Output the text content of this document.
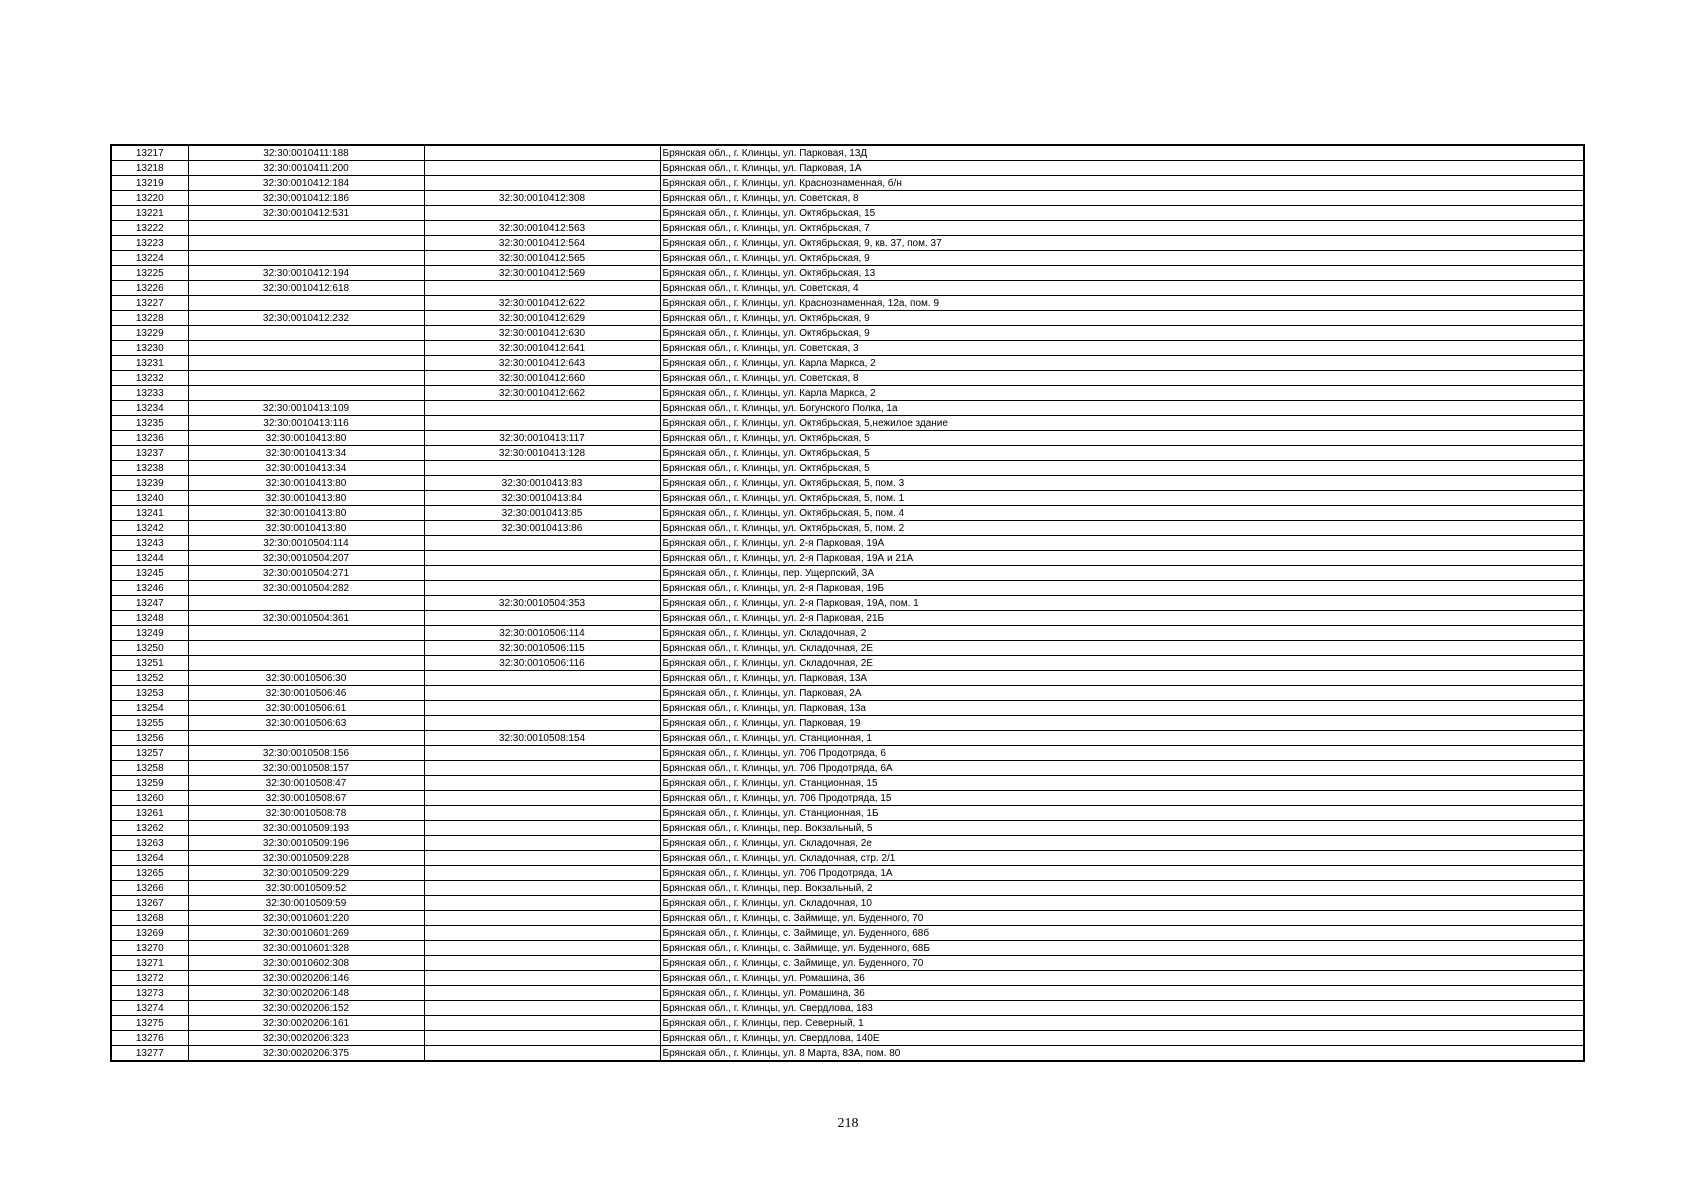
13217	32:30:0010411:188		Брянская обл., г. Клинцы, ул. Парковая, 13Д
13218	32:30:0010411:200		Брянская обл., г. Клинцы, ул. Парковая, 1А
13219	32:30:0010412:184		Брянская обл., г. Клинцы, ул. Краснознаменная, б/н
13220	32:30:0010412:186	32:30:0010412:308	Брянская обл., г. Клинцы, ул. Советская, 8
13221	32:30:0010412:531		Брянская обл., г. Клинцы, ул. Октябрьская, 15
13222		32:30:0010412:563	Брянская обл., г. Клинцы, ул. Октябрьская, 7
13223		32:30:0010412:564	Брянская обл., г. Клинцы, ул. Октябрьская, 9, кв. 37, пом. 37
13224		32:30:0010412:565	Брянская обл., г. Клинцы, ул. Октябрьская, 9
13225	32:30:0010412:194	32:30:0010412:569	Брянская обл., г. Клинцы, ул. Октябрьская, 13
13226	32:30:0010412:618		Брянская обл., г. Клинцы, ул. Советская, 4
13227		32:30:0010412:622	Брянская обл., г. Клинцы, ул. Краснознаменная, 12а, пом. 9
13228	32:30:0010412:232	32:30:0010412:629	Брянская обл., г. Клинцы, ул. Октябрьская, 9
13229		32:30:0010412:630	Брянская обл., г. Клинцы, ул. Октябрьская, 9
13230		32:30:0010412:641	Брянская обл., г. Клинцы, ул. Советская, 3
13231		32:30:0010412:643	Брянская обл., г. Клинцы, ул. Карла Маркса, 2
13232		32:30:0010412:660	Брянская обл., г. Клинцы, ул. Советская, 8
13233		32:30:0010412:662	Брянская обл., г. Клинцы, ул. Карла Маркса, 2
13234	32:30:0010413:109		Брянская обл., г. Клинцы, ул. Богунского Полка, 1а
13235	32:30:0010413:116		Брянская обл., г. Клинцы, ул. Октябрьская, 5,нежилое здание
13236	32:30:0010413:80	32:30:0010413:117	Брянская обл., г. Клинцы, ул. Октябрьская, 5
13237	32:30:0010413:34	32:30:0010413:128	Брянская обл., г. Клинцы, ул. Октябрьская, 5
13238	32:30:0010413:34		Брянская обл., г. Клинцы, ул. Октябрьская, 5
13239	32:30:0010413:80	32:30:0010413:83	Брянская обл., г. Клинцы, ул. Октябрьская, 5, пом. 3
13240	32:30:0010413:80	32:30:0010413:84	Брянская обл., г. Клинцы, ул. Октябрьская, 5, пом. 1
13241	32:30:0010413:80	32:30:0010413:85	Брянская обл., г. Клинцы, ул. Октябрьская, 5, пом. 4
13242	32:30:0010413:80	32:30:0010413:86	Брянская обл., г. Клинцы, ул. Октябрьская, 5, пом. 2
13243	32:30:0010504:114		Брянская обл., г. Клинцы, ул. 2-я Парковая, 19А
13244	32:30:0010504:207		Брянская обл., г. Клинцы, ул. 2-я Парковая, 19А и 21А
13245	32:30:0010504:271		Брянская обл., г. Клинцы, пер. Ущерпский, 3А
13246	32:30:0010504:282		Брянская обл., г. Клинцы, ул. 2-я Парковая, 19Б
13247		32:30:0010504:353	Брянская обл., г. Клинцы, ул. 2-я Парковая, 19А, пом. 1
13248	32:30:0010504:361		Брянская обл., г. Клинцы, ул. 2-я Парковая, 21Б
13249		32:30:0010506:114	Брянская обл., г. Клинцы, ул. Складочная, 2
13250		32:30:0010506:115	Брянская обл., г. Клинцы, ул. Складочная, 2Е
13251		32:30:0010506:116	Брянская обл., г. Клинцы, ул. Складочная, 2Е
13252	32:30:0010506:30		Брянская обл., г. Клинцы, ул. Парковая, 13А
13253	32:30:0010506:46		Брянская обл., г. Клинцы, ул. Парковая, 2А
13254	32:30:0010506:61		Брянская обл., г. Клинцы, ул. Парковая, 13а
13255	32:30:0010506:63		Брянская обл., г. Клинцы, ул. Парковая, 19
13256		32:30:0010508:154	Брянская обл., г. Клинцы, ул. Станционная, 1
13257	32:30:0010508:156		Брянская обл., г. Клинцы, ул. 706 Продотряда, 6
13258	32:30:0010508:157		Брянская обл., г. Клинцы, ул. 706 Продотряда, 6А
13259	32:30:0010508:47		Брянская обл., г. Клинцы, ул. Станционная, 15
13260	32:30:0010508:67		Брянская обл., г. Клинцы, ул. 706 Продотряда, 15
13261	32:30:0010508:78		Брянская обл., г. Клинцы, ул. Станционная, 1Б
13262	32:30:0010509:193		Брянская обл., г. Клинцы, пер. Вокзальный, 5
13263	32:30:0010509:196		Брянская обл., г. Клинцы, ул. Складочная, 2е
13264	32:30:0010509:228		Брянская обл., г. Клинцы, ул. Складочная, стр. 2/1
13265	32:30:0010509:229		Брянская обл., г. Клинцы, ул. 706 Продотряда, 1А
13266	32:30:0010509:52		Брянская обл., г. Клинцы, пер. Вокзальный, 2
13267	32:30:0010509:59		Брянская обл., г. Клинцы, ул. Складочная, 10
13268	32:30:0010601:220		Брянская обл., г. Клинцы, с. Займище, ул. Буденного, 70
13269	32:30:0010601:269		Брянская обл., г. Клинцы, с. Займище, ул. Буденного, 68б
13270	32:30:0010601:328		Брянская обл., г. Клинцы, с. Займище, ул. Буденного, 68Б
13271	32:30:0010602:308		Брянская обл., г. Клинцы, с. Займище, ул. Буденного, 70
13272	32:30:0020206:146		Брянская обл., г. Клинцы, ул. Ромашина, 36
13273	32:30:0020206:148		Брянская обл., г. Клинцы, ул. Ромашина, 36
13274	32:30:0020206:152		Брянская обл., г. Клинцы, ул. Свердлова, 183
13275	32:30:0020206:161		Брянская обл., г. Клинцы, пер. Северный, 1
13276	32:30:0020206:323		Брянская обл., г. Клинцы, ул. Свердлова, 140Е
13277	32:30:0020206:375		Брянская обл., г. Клинцы, ул. 8 Марта, 83А, пом. 80
218
